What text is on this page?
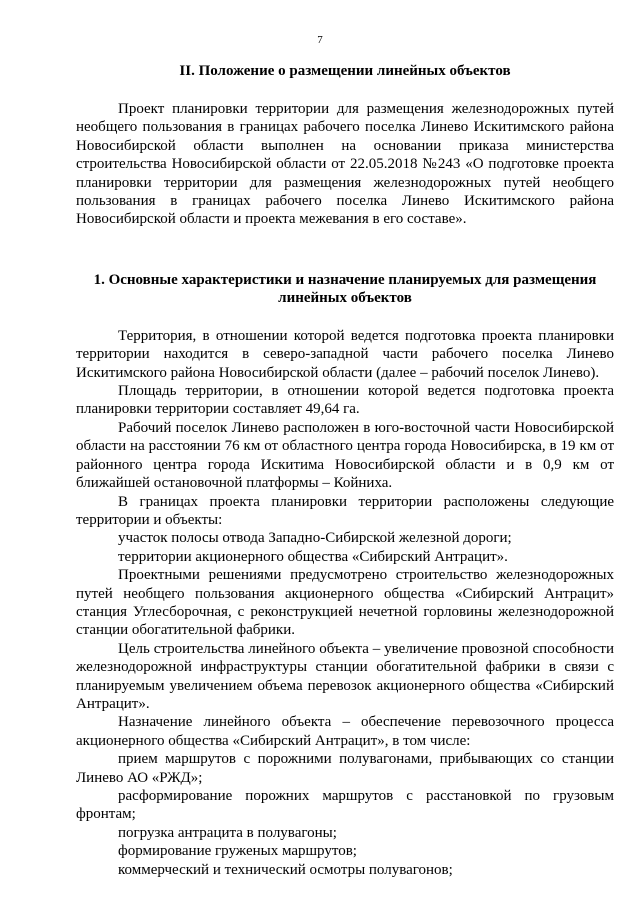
7
II. Положение о размещении линейных объектов

Проект планировки территории для размещения железнодорожных путей необщего пользования в границах рабочего поселка Линево Искитимского района Новосибирской области выполнен на основании приказа министерства строительства Новосибирской области от 22.05.2018 №243 «О подготовке проекта планировки территории для размещения железнодорожных путей необщего пользования в границах рабочего поселка Линево Искитимского района Новосибирской области и проекта межевания в его составе».

1. Основные характеристики и назначение планируемых для размещения линейных объектов

Территория, в отношении которой ведется подготовка проекта планировки территории находится в северо-западной части рабочего поселка Линево Искитимского района Новосибирской области (далее – рабочий поселок Линево).

Площадь территории, в отношении которой ведется подготовка проекта планировки территории составляет 49,64 га.

Рабочий поселок Линево расположен в юго-восточной части Новосибирской области на расстоянии 76 км от областного центра города Новосибирска, в 19 км от районного центра города Искитима Новосибирской области и в 0,9 км от ближайшей остановочной платформы – Койниха.

В границах проекта планировки территории расположены следующие территории и объекты:

участок полосы отвода Западно-Сибирской железной дороги;

территории акционерного общества «Сибирский Антрацит».

Проектными решениями предусмотрено строительство железнодорожных путей необщего пользования акционерного общества «Сибирский Антрацит» станция Углесборочная, с реконструкцией нечетной горловины железнодорожной станции обогатительной фабрики.

Цель строительства линейного объекта – увеличение провозной способности железнодорожной инфраструктуры станции обогатительной фабрики в связи с планируемым увеличением объема перевозок акционерного общества «Сибирский Антрацит».

Назначение линейного объекта – обеспечение перевозочного процесса акционерного общества «Сибирский Антрацит», в том числе:

прием маршрутов с порожними полувагонами, прибывающих со станции Линево АО «РЖД»;

расформирование порожних маршрутов с расстановкой по грузовым фронтам;

погрузка антрацита в полувагоны;

формирование груженых маршрутов;

коммерческий и технический осмотры полувагонов;
